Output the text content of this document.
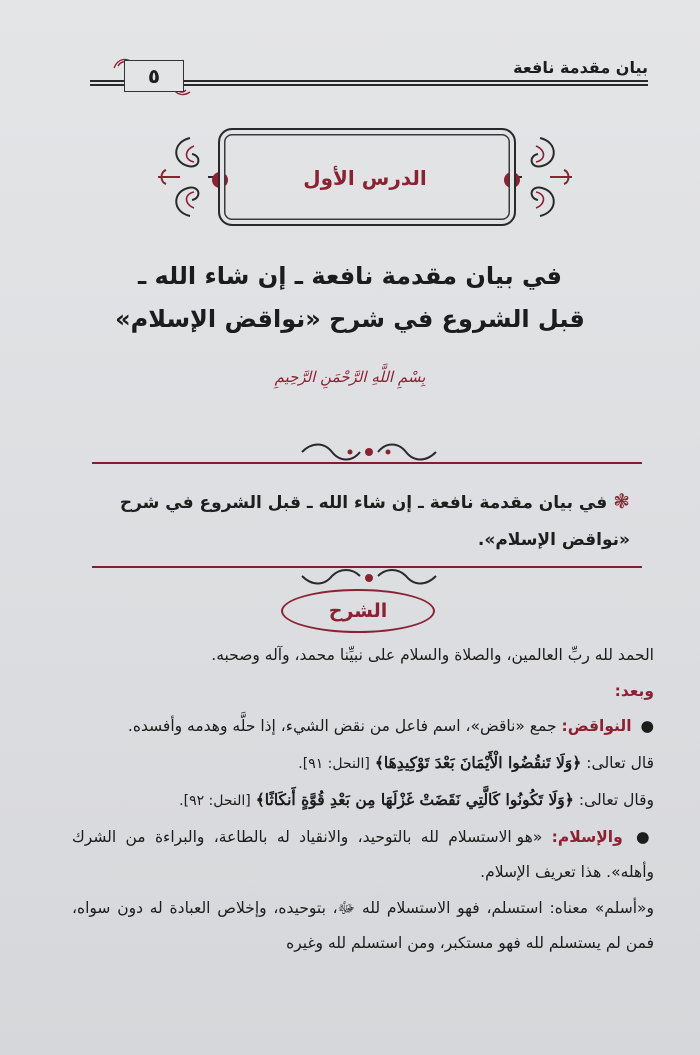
بيان مقدمة نافعة
٥
الدرس الأول
في بيان مقدمة نافعة ـ إن شاء الله ـ
قبل الشروع في شرح «نواقض الإسلام»
بِسْمِ اللَّهِ الرَّحْمَنِ الرَّحِيمِ
❃في بيان مقدمة نافعة ـ إن شاء الله ـ قبل الشروع في شرح «نواقض الإسلام».
الشرح

الحمد لله ربِّ العالمين، والصلاة والسلام على نبيِّنا محمد، وآله وصحبه.

وبعد:

● النواقض: جمع «ناقض»، اسم فاعل من نقض الشيء، إذا حلَّه وهدمه وأفسده.

قال تعالى: ﴿وَلَا تَنقُضُوا الْأَيْمَانَ بَعْدَ تَوْكِيدِهَا﴾ [النحل: ٩١].

وقال تعالى: ﴿وَلَا تَكُونُوا كَالَّتِي نَقَضَتْ غَزْلَهَا مِن بَعْدِ قُوَّةٍ أَنكَاثًا﴾ [النحل: ٩٢].

● والإسلام: «هو الاستسلام لله بالتوحيد، والانقياد له بالطاعة، والبراءة من الشرك وأهله». هذا تعريف الإسلام.

و«أسلم» معناه: استسلم، فهو الاستسلام لله ﷻ، بتوحيده، وإخلاص العبادة له دون سواه، فمن لم يستسلم لله فهو مستكبر، ومن استسلم لله وغيره
